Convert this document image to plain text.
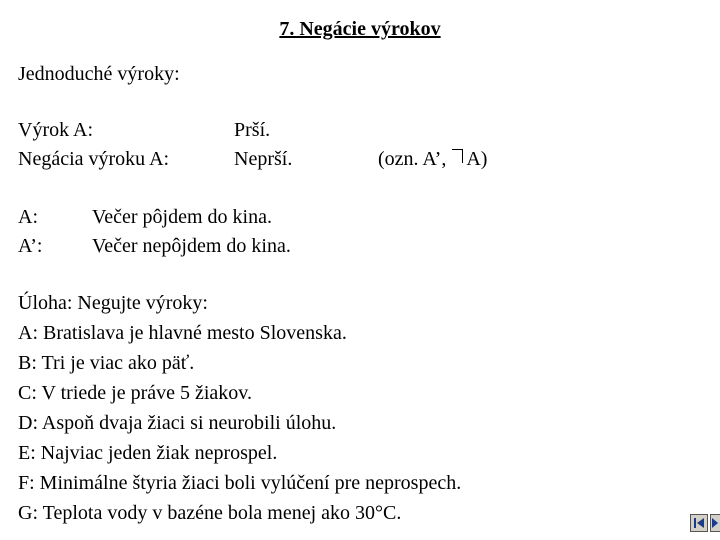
7. Negácie výrokov
Jednoduché výroky:
Výrok A:	Prší.
Negácia výroku A:	Neprší.	(ozn. A’, A)
A:	Večer pôjdem do kina.
A’: Večer nepôjdem do kina.
Úloha: Negujte výroky:
A: Bratislava je hlavné mesto Slovenska.
B: Tri je viac ako päť.
C: V triede je práve 5 žiakov.
D: Aspoň dvaja žiaci si neurobili úlohu.
E: Najviac jeden žiak neprospel.
F: Minimálne štyria žiaci boli vylúčení pre neprospech.
G: Teplota vody v bazéne bola menej ako 30°C.
